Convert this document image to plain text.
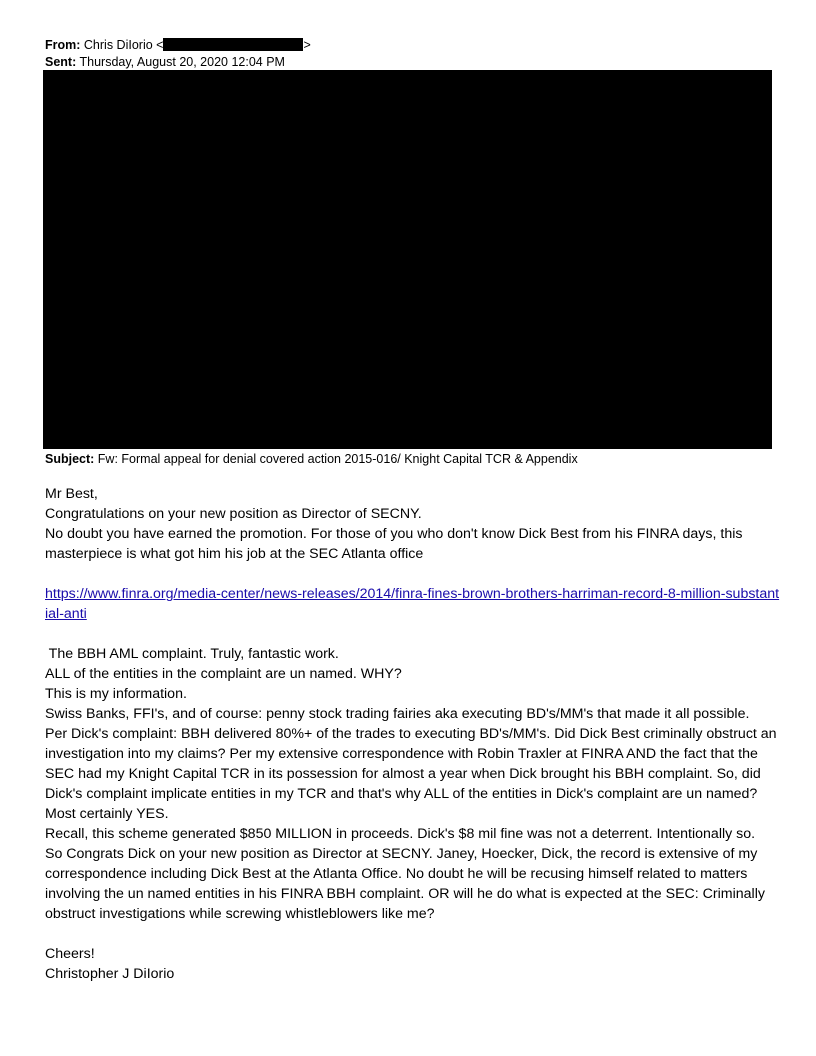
From: Chris DiIorio <	>
Sent: Thursday, August 20, 2020 12:04 PM
Subject: Fw: Formal appeal for denial covered action 2015-016/ Knight Capital TCR & Appendix

Mr Best,

Congratulations on your new position as Director of SECNY.

No doubt you have earned the promotion. For those of you who don't know Dick Best from his FINRA days, this masterpiece is what got him his job at the SEC Atlanta office

https://www.finra.org/media-center/news-releases/2014/finra-fines-brown-brothers-harriman-record-8-million-substantial-anti

The BBH AML complaint. Truly, fantastic work.

ALL of the entities in the complaint are un named. WHY?

This is my information.

Swiss Banks, FFI's, and of course: penny stock trading fairies aka executing BD's/MM's that made it all possible.

Per Dick's complaint: BBH delivered 80%+ of the trades to executing BD's/MM's. Did Dick Best criminally obstruct an investigation into my claims? Per my extensive correspondence with Robin Traxler at FINRA AND the fact that the SEC had my Knight Capital TCR in its possession for almost a year when Dick brought his BBH complaint. So, did Dick's complaint implicate entities in my TCR and that's why ALL of the entities in Dick's complaint are un named? Most certainly YES.

Recall, this scheme generated $850 MILLION in proceeds. Dick's $8 mil fine was not a deterrent. Intentionally so.

So Congrats Dick on your new position as Director at SECNY. Janey, Hoecker, Dick, the record is extensive of my correspondence including Dick Best at the Atlanta Office. No doubt he will be recusing himself related to matters involving the un named entities in his FINRA BBH complaint. OR will he do what is expected at the SEC: Criminally obstruct investigations while screwing whistleblowers like me?

Cheers!

Christopher J DiIorio
